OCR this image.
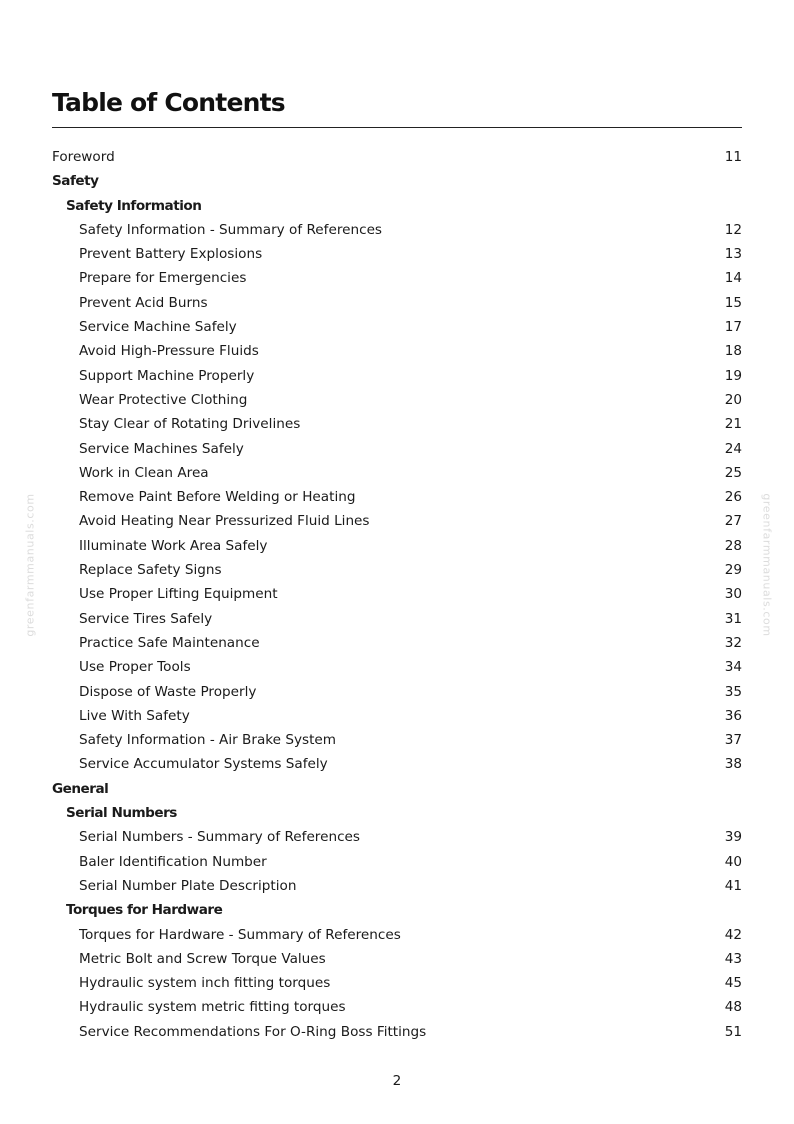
Table of Contents
Foreword	11
Safety
Safety Information
Safety Information - Summary of References	12
Prevent Battery Explosions	13
Prepare for Emergencies	14
Prevent Acid Burns	15
Service Machine Safely	17
Avoid High-Pressure Fluids	18
Support Machine Properly	19
Wear Protective Clothing	20
Stay Clear of Rotating Drivelines	21
Service Machines Safely	24
Work in Clean Area	25
Remove Paint Before Welding or Heating	26
Avoid Heating Near Pressurized Fluid Lines	27
Illuminate Work Area Safely	28
Replace Safety Signs	29
Use Proper Lifting Equipment	30
Service Tires Safely	31
Practice Safe Maintenance	32
Use Proper Tools	34
Dispose of Waste Properly	35
Live With Safety	36
Safety Information - Air Brake System	37
Service Accumulator Systems Safely	38
General
Serial Numbers
Serial Numbers - Summary of References	39
Baler Identification Number	40
Serial Number Plate Description	41
Torques for Hardware
Torques for Hardware - Summary of References	42
Metric Bolt and Screw Torque Values	43
Hydraulic system inch fitting torques	45
Hydraulic system metric fitting torques	48
Service Recommendations For O-Ring Boss Fittings	51
greenfarmmanuals.com	greenfarmmanuals.com
2
